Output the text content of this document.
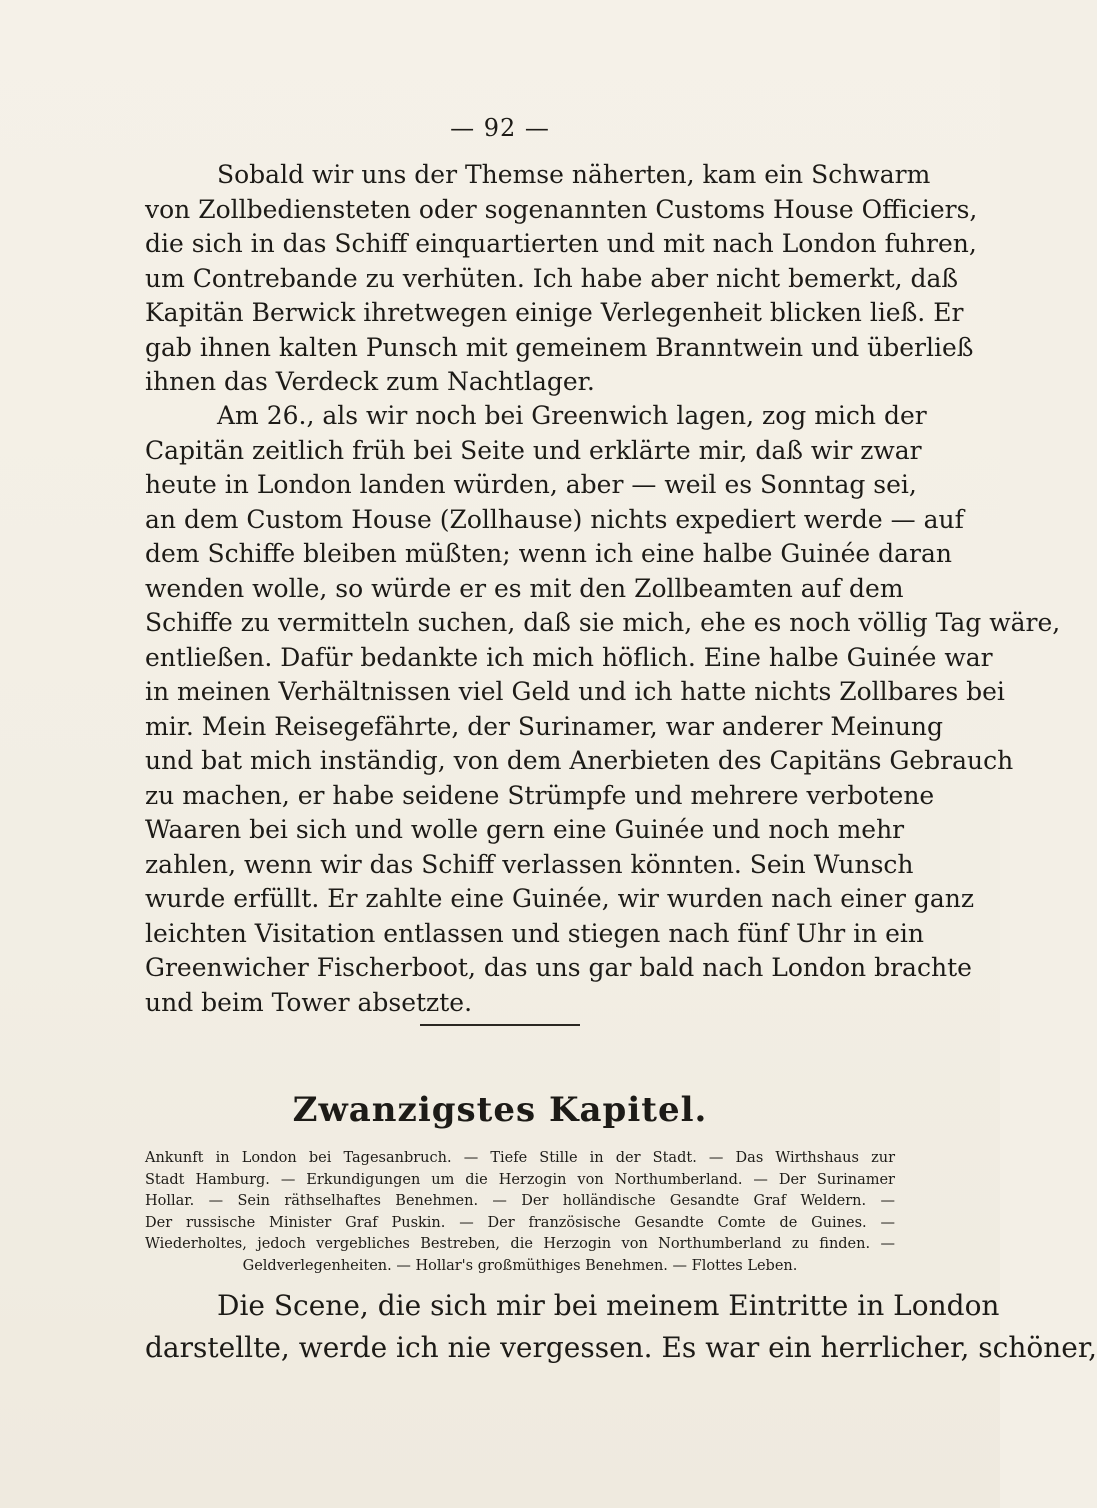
— 92 —
Sobald wir uns der Themse näherten, kam ein Schwarm
von Zollbediensteten oder sogenannten Customs House Officiers,
die sich in das Schiff einquartierten und mit nach London fuhren,
um Contrebande zu verhüten. Ich habe aber nicht bemerkt, daß
Kapitän Berwick ihretwegen einige Verlegenheit blicken ließ. Er
gab ihnen kalten Punsch mit gemeinem Branntwein und überließ
ihnen das Verdeck zum Nachtlager.
Am 26., als wir noch bei Greenwich lagen, zog mich der
Capitän zeitlich früh bei Seite und erklärte mir, daß wir zwar
heute in London landen würden, aber — weil es Sonntag sei,
an dem Custom House (Zollhause) nichts expediert werde — auf
dem Schiffe bleiben müßten; wenn ich eine halbe Guinée daran
wenden wolle, so würde er es mit den Zollbeamten auf dem
Schiffe zu vermitteln suchen, daß sie mich, ehe es noch völlig Tag wäre,
entließen. Dafür bedankte ich mich höflich. Eine halbe Guinée war
in meinen Verhältnissen viel Geld und ich hatte nichts Zollbares bei
mir. Mein Reisegefährte, der Surinamer, war anderer Meinung
und bat mich inständig, von dem Anerbieten des Capitäns Gebrauch
zu machen, er habe seidene Strümpfe und mehrere verbotene
Waaren bei sich und wolle gern eine Guinée und noch mehr
zahlen, wenn wir das Schiff verlassen könnten. Sein Wunsch
wurde erfüllt. Er zahlte eine Guinée, wir wurden nach einer ganz
leichten Visitation entlassen und stiegen nach fünf Uhr in ein
Greenwicher Fischerboot, das uns gar bald nach London brachte
und beim Tower absetzte.
Zwanzigstes Kapitel.
Ankunft in London bei Tagesanbruch. — Tiefe Stille in der Stadt. — Das Wirthshaus zur
Stadt Hamburg. — Erkundigungen um die Herzogin von Northumberland. — Der Surinamer
Hollar. — Sein räthselhaftes Benehmen. — Der holländische Gesandte Graf Weldern. —
Der russische Minister Graf Puskin. — Der französische Gesandte Comte de Guines. —
Wiederholtes, jedoch vergebliches Bestreben, die Herzogin von Northumberland zu finden. —
Geldverlegenheiten. — Hollar's großmüthiges Benehmen. — Flottes Leben.
Die Scene, die sich mir bei meinem Eintritte in London
darstellte, werde ich nie vergessen. Es war ein herrlicher, schöner,
